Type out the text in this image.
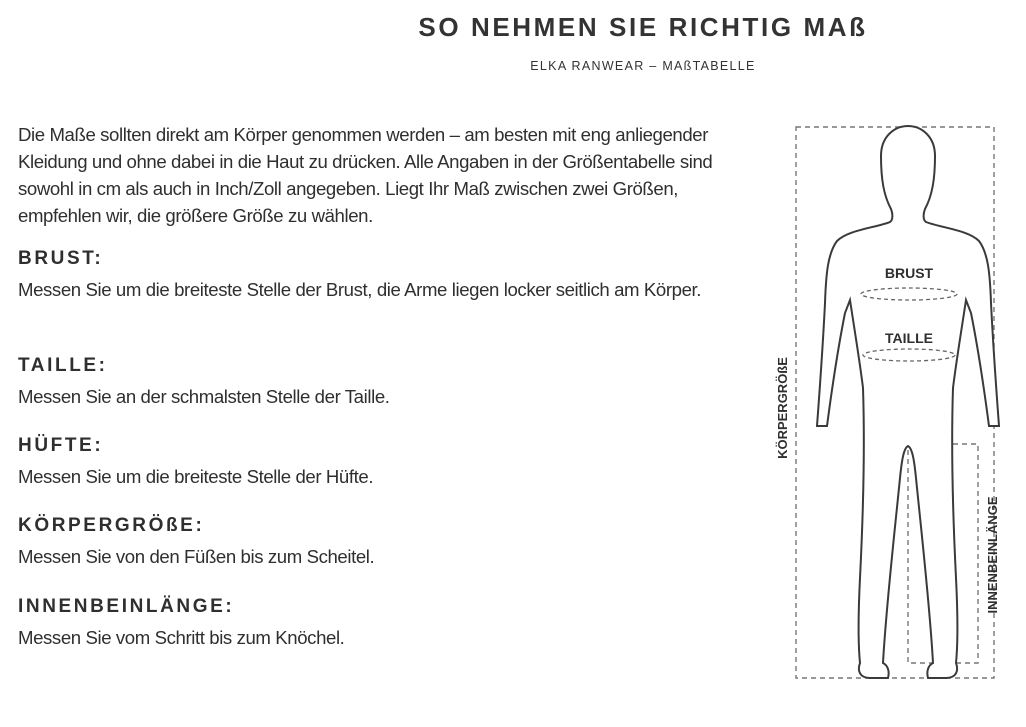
SO NEHMEN SIE RICHTIG MAß
ELKA RANWEAR – MAßTABELLE

Die Maße sollten direkt am Körper genommen werden – am besten mit eng anliegender Kleidung und ohne dabei in die Haut zu drücken. Alle Angaben in der Größentabelle sind sowohl in cm als auch in Inch/Zoll angegeben. Liegt Ihr Maß zwischen zwei Größen, empfehlen wir, die größere Größe zu wählen.

BRUST:

Messen Sie um die breiteste Stelle der Brust, die Arme liegen locker seitlich am Körper.

TAILLE:

Messen Sie an der schmalsten Stelle der Taille.

HÜFTE:

Messen Sie um die breiteste Stelle der Hüfte.

KÖRPERGRÖßE:

Messen Sie von den Füßen bis zum Scheitel.

INNENBEINLÄNGE:

Messen Sie vom Schritt bis zum Knöchel.

BRUST
TAILLE
KÖRPERGRÖßE
INNENBEINLÄNGE
